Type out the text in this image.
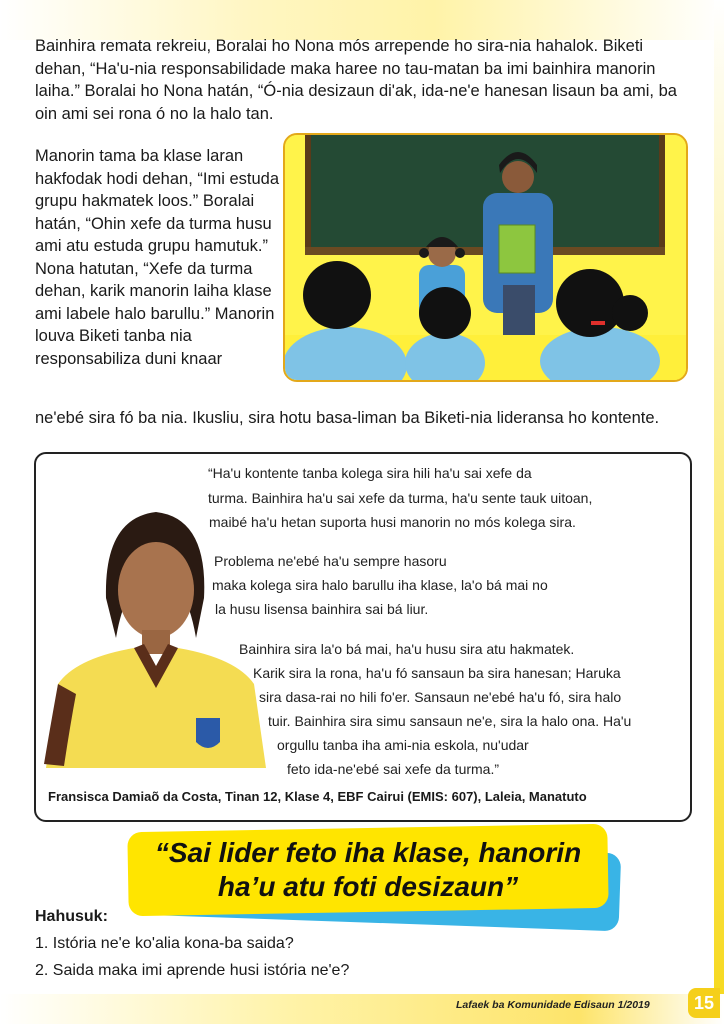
Bainhira remata rekreiu, Boralai ho Nona mós arrepende ho sira-nia hahalok. Biketi dehan, “Ha'u-nia responsabilidade maka haree no tau-matan ba imi bainhira manorin laiha.” Boralai ho Nona hatán, “Ó-nia desizaun di'ak, ida-ne'e hanesan lisaun ba ami, ba oin ami sei rona ó no la halo tan.

Manorin tama ba klase laran hakfodak hodi dehan, “Imi estuda grupu hakmatek loos.” Boralai hatán, “Ohin xefe da turma husu ami atu estuda grupu hamutuk.” Nona hatutan, “Xefe da turma dehan, karik manorin laiha klase ami labele halo barullu.” Manorin louva Biketi tanba nia responsabiliza duni knaar

ne'ebé sira fó ba nia. Ikusliu, sira hotu basa-liman ba Biketi-nia lideransa ho kontente.

“Ha'u kontente tanba kolega sira hili ha'u sai xefe da
turma. Bainhira ha'u sai xefe da turma, ha'u sente tauk uitoan,
maibé ha'u hetan suporta husi manorin no mós kolega sira.
Problema ne'ebé ha'u sempre hasoru
maka kolega sira halo barullu iha klase, la'o bá mai no
la husu lisensa bainhira sai bá liur.
Bainhira sira la'o bá mai, ha'u husu sira atu hakmatek.
Karik sira la rona, ha'u fó sansaun ba sira hanesan; Haruka
sira dasa-rai no hili fo'er. Sansaun ne'ebé ha'u fó, sira halo
tuir. Bainhira sira simu sansaun ne'e, sira la halo ona. Ha'u
orgullu tanba iha ami-nia eskola, nu'udar
feto ida-ne'ebé sai xefe da turma.”
Fransisca Damiaõ da Costa, Tinan 12, Klase 4, EBF Cairui (EMIS: 607), Laleia, Manatuto
“Sai lider feto iha klase, hanorin
ha’u atu foti desizaun”
Hahusuk:
1. Istória ne'e ko'alia kona-ba saida?
2. Saida maka imi aprende husi istória ne'e?
Lafaek ba Komunidade Edisaun 1/2019	15
